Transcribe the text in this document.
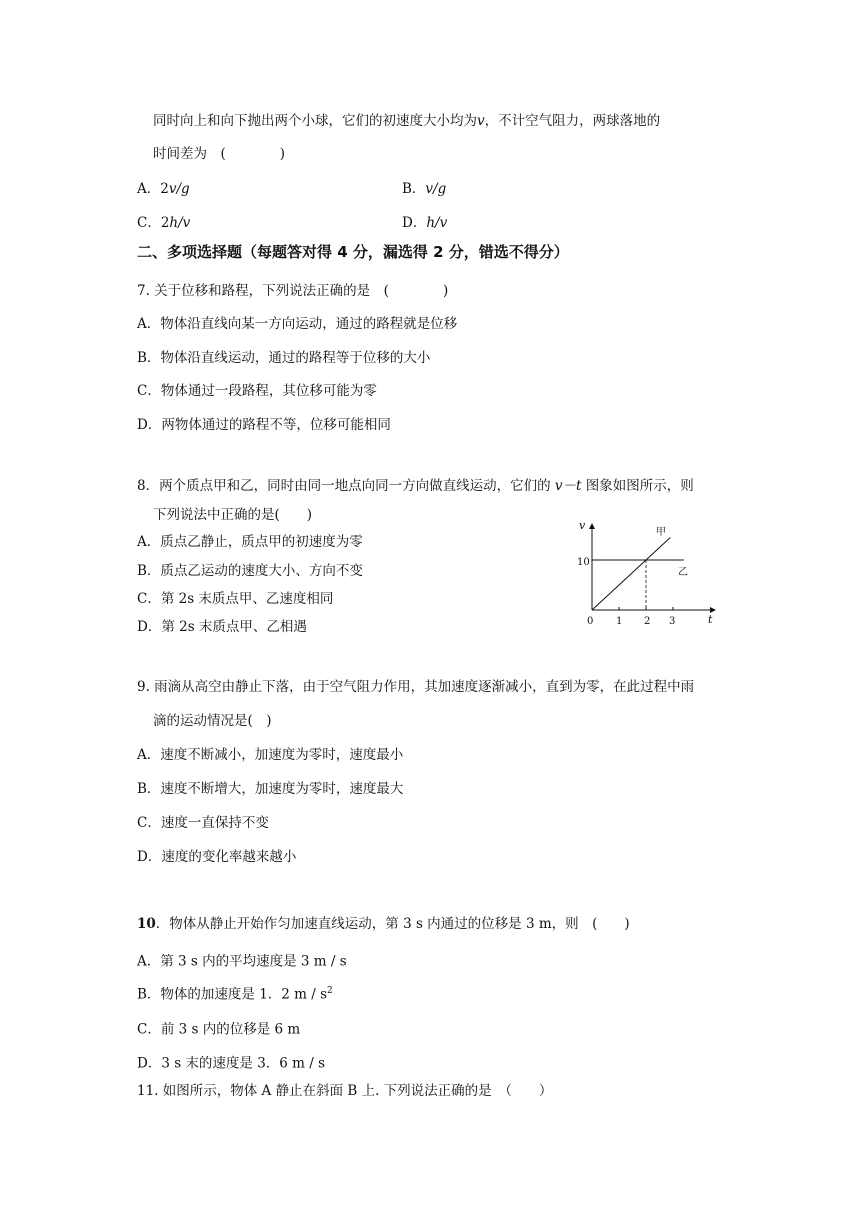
同时向上和向下抛出两个小球，它们的初速度大小均为v，不计空气阻力，两球落地的
时间差为　(　　　　)
A．2v/g	B．v/g
C．2h/v	D．h/v
二、多项选择题（每题答对得 4 分，漏选得 2 分，错选不得分）
7. 关于位移和路程，下列说法正确的是　(　　　　)
A．物体沿直线向某一方向运动，通过的路程就是位移
B．物体沿直线运动，通过的路程等于位移的大小
C．物体通过一段路程，其位移可能为零
D．两物体通过的路程不等，位移可能相同
8．两个质点甲和乙，同时由同一地点向同一方向做直线运动，它们的 v－t 图象如图所示，则
下列说法中正确的是(　　)
A．质点乙静止，质点甲的初速度为零
B．质点乙运动的速度大小、方向不变
C．第 2s 末质点甲、乙速度相同
D．第 2s 末质点甲、乙相遇
v
t
10
0 1 2 3
甲
乙
9. 雨滴从高空由静止下落，由于空气阻力作用，其加速度逐渐减小，直到为零，在此过程中雨
滴的运动情况是(　)
A．速度不断减小，加速度为零时，速度最小
B．速度不断增大，加速度为零时，速度最大
C．速度一直保持不变
D．速度的变化率越来越小
10．物体从静止开始作匀加速直线运动，第 3 s 内通过的位移是 3 m，则　(　　)
A．第 3 s 内的平均速度是 3 m / s
B．物体的加速度是 1．2 m / $s^2$
C．前 3 s 内的位移是 6 m
D．3 s 末的速度是 3．6 m / s
11. 如图所示，物体 A 静止在斜面 B 上. 下列说法正确的是　（　　）
